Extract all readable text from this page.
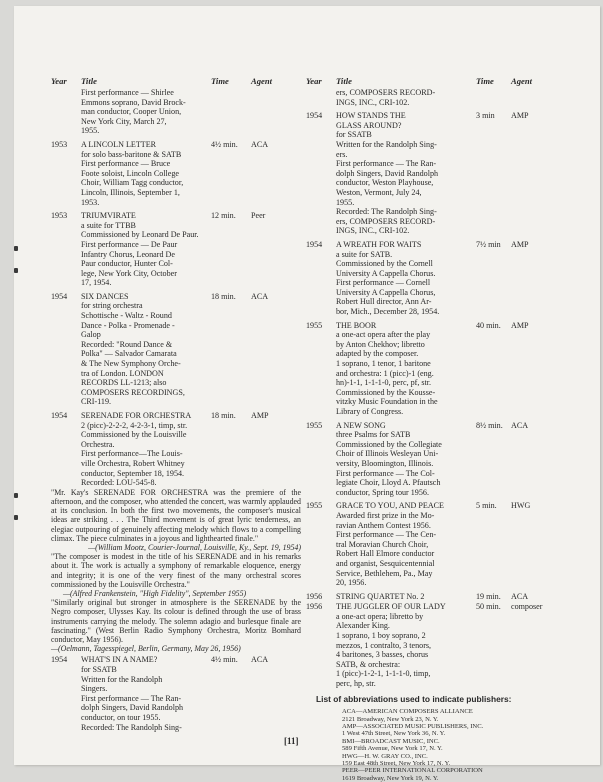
Year Title	Time	Agent	Year Title	Time Agent
First performance — Shirlee
Emmons soprano, David Brock-
man conductor, Cooper Union,
New York City, March 27,
1955.
1953 A LINCOLN LETTER	4½ min. ACA
for solo bass-baritone & SATB
First performance — Bruce
Foote soloist, Lincoln College
Choir, William Tagg conductor,
Lincoln, Illinois, September 1,
1953.
1953 TRIUMVIRATE	12 min. Peer
a suite for TTBB
Commissioned by Leonard De Paur.
First performance — De Paur
Infantry Chorus, Leonard De
Paur conductor, Hunter Col-
lege, New York City, October
17, 1954.
1954 SIX DANCES	18 min. ACA
for string orchestra
Schottische - Waltz - Round
Dance - Polka - Promenade -
Galop
Recorded: "Round Dance &
Polka" — Salvador Camarata
& The New Symphony Orche-
tra of London. LONDON
RECORDS LL-1213; also
COMPOSERS RECORDINGS,
CRI-119.
1954 SERENADE FOR ORCHESTRA 18 min. AMP
2 (picc)-2-2-2, 4-2-3-1, timp, str.
Commissioned by the Louisville
Orchestra.
First performance—The Louis-
ville Orchestra, Robert Whitney
conductor, September 18, 1954.
Recorded: LOU-545-8.
"Mr. Kay's SERENADE FOR ORCHESTRA was the premiere of the afternoon, and the composer, who attended the concert, was warmly applauded at its conclusion. In both the first two movements, the composer's musical ideas are striking . . . The Third movement is of great lyric tenderness, an elegiac outpouring of genuinely affecting melody which flows to a compelling climax. The piece culminates in a joyous and lighthearted finale."
—(William Mootz, Courier-Journal, Louisville, Ky., Sept. 19, 1954)
"The composer is modest in the title of his SERENADE and in his remarks about it. The work is actually a symphony of remarkable eloquence, energy and integrity; it is one of the very finest of the many orchestral scores commissioned by the Louisville Orchestra."
—(Alfred Frankenstein, "High Fidelity", September 1955)
"Similarly original but stronger in atmosphere is the SERENADE by the Negro composer, Ulysses Kay. Its colour is defined through the use of brass instruments carrying the melody. The solemn adagio and burlesque finale are fascinating." (West Berlin Radio Symphony Orchestra, Moritz Bomhard conductor, May 1956).
—(Oelmann, Tagesspiegel, Berlin, Germany, May 26, 1956)
1954 WHAT'S IN A NAME?	4½ min. ACA
for SSATB
Written for the Randolph
Singers.
First performance — The Ran-
dolph Singers, David Randolph
conductor, on tour 1955.
Recorded: The Randolph Sing-
ers, COMPOSERS RECORD-
INGS, INC., CRI-102.
1954 HOW STANDS THE	3 min AMP
GLASS AROUND?
for SSATB
Written for the Randolph Sing-
ers.
First performance — The Ran-
dolph Singers, David Randolph
conductor, Weston Playhouse,
Weston, Vermont, July 24,
1955.
Recorded: The Randolph Sing-
ers, COMPOSERS RECORD-
INGS, INC., CRI-102.
1954 A WREATH FOR WAITS	7½ min AMP
a suite for SATB.
Commissioned by the Cornell
University A Cappella Chorus.
First performance — Cornell
University A Cappella Chorus,
Robert Hull director, Ann Ar-
bor, Mich., December 28, 1954.
1955 THE BOOR	40 min. AMP
a one-act opera after the play
by Anton Chekhov; libretto
adapted by the composer.
1 soprano, 1 tenor, 1 baritone
and orchestra: 1 (picc)-1 (eng.
hn)-1-1, 1-1-1-0, perc, pf, str.
Commissioned by the Kousse-
vitzky Music Foundation in the
Library of Congress.
1955 A NEW SONG	8½ min. ACA
three Psalms for SATB
Commissioned by the Collegiate
Choir of Illinois Wesleyan Uni-
versity, Bloomington, Illinois.
First performance — The Col-
legiate Choir, Lloyd A. Pfautsch
conductor, Spring tour 1956.
1955 GRACE TO YOU, AND PEACE	5 min. HWG
Awarded first prize in the Mo-
ravian Anthem Contest 1956.
First performance — The Cen-
tral Moravian Church Choir,
Robert Hall Elmore conductor
and organist, Sesquicentennial
Service, Bethlehem, Pa., May
20, 1956.
1956 STRING QUARTET No. 2	19 min. ACA
1956 THE JUGGLER OF OUR LADY	50 min. composer
a one-act opera; libretto by
Alexander King.
1 soprano, 1 boy soprano, 2
mezzos, 1 contralto, 3 tenors,
4 baritones, 3 basses, chorus
SATB, & orchestra:
1 (picc)-1-2-1, 1-1-1-0, timp,
perc, hp, str.
List of abbreviations used to indicate publishers:
ACA—AMERICAN COMPOSERS ALLIANCE
2121 Broadway, New York 23, N. Y.
AMP—ASSOCIATED MUSIC PUBLISHERS, INC.
1 West 47th Street, New York 36, N. Y.
BMI—BROADCAST MUSIC, INC.
589 Fifth Avenue, New York 17, N. Y.
HWG—H. W. GRAY CO., INC.
159 East 48th Street, New York 17, N. Y.
PEER—PEER INTERNATIONAL CORPORATION
1619 Broadway, New York 19, N. Y.
[11]
